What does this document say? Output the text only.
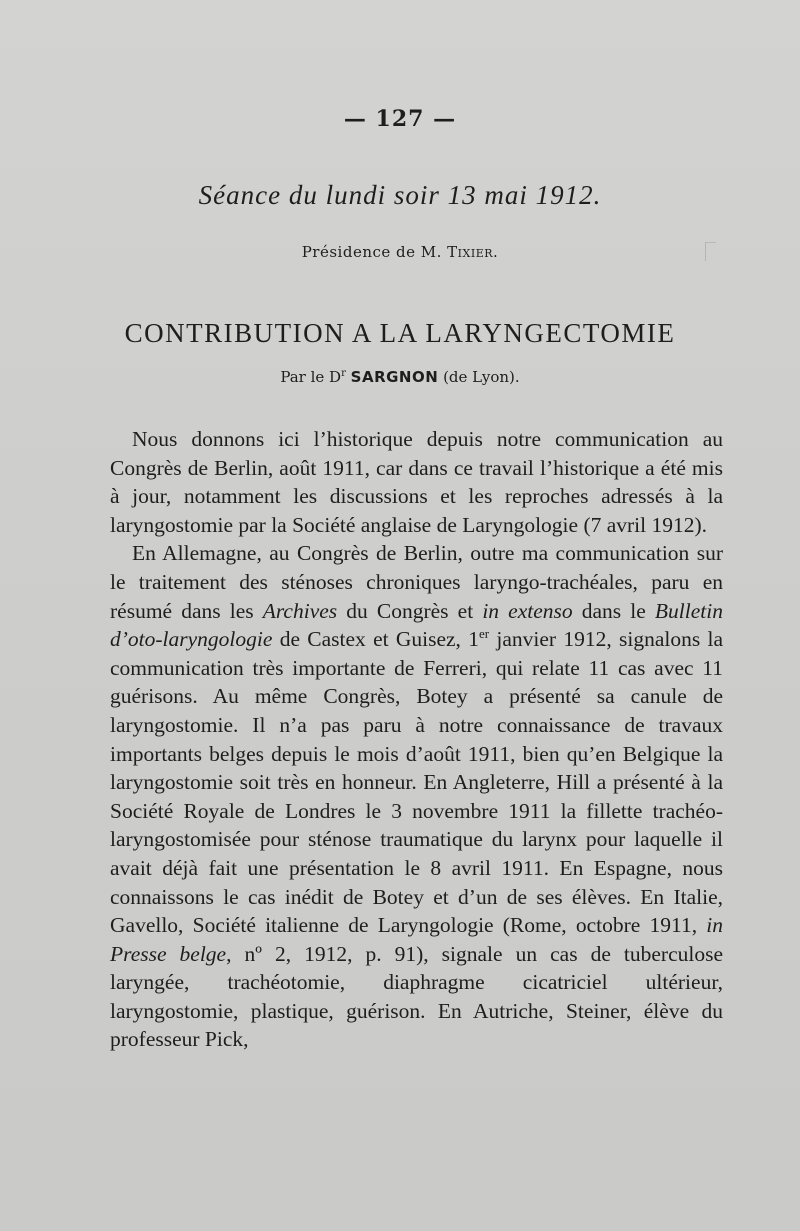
— 127 —
Séance du lundi soir 13 mai 1912.
Présidence de M. Tixier.
CONTRIBUTION A LA LARYNGECTOMIE
Par le $D^r$ SARGNON (de Lyon).

Nous donnons ici l’historique depuis notre communication au Congrès de Berlin, août 1911, car dans ce travail l’historique a été mis à jour, notamment les discussions et les reproches adressés à la laryngostomie par la Société anglaise de Laryngologie (7 avril 1912).

En Allemagne, au Congrès de Berlin, outre ma communication sur le traitement des sténoses chroniques laryngo-trachéales, paru en résumé dans les Archives du Congrès et in extenso dans le Bulletin d’oto-laryngologie de Castex et Guisez, 1er janvier 1912, signalons la communication très importante de Ferreri, qui relate 11 cas avec 11 guérisons. Au même Congrès, Botey a présenté sa canule de laryngostomie. Il n’a pas paru à notre connaissance de travaux importants belges depuis le mois d’août 1911, bien qu’en Belgique la laryngostomie soit très en honneur. En Angleterre, Hill a présenté à la Société Royale de Londres le 3 novembre 1911 la fillette trachéo-laryngostomisée pour sténose traumatique du larynx pour laquelle il avait déjà fait une présentation le 8 avril 1911. En Espagne, nous connaissons le cas inédit de Botey et d’un de ses élèves. En Italie, Gavello, Société italienne de Laryngologie (Rome, octobre 1911, in Presse belge, nº 2, 1912, p. 91), signale un cas de tuberculose laryngée, trachéotomie, diaphragme cicatriciel ultérieur, laryngostomie, plastique, guérison. En Autriche, Steiner, élève du professeur Pick,
